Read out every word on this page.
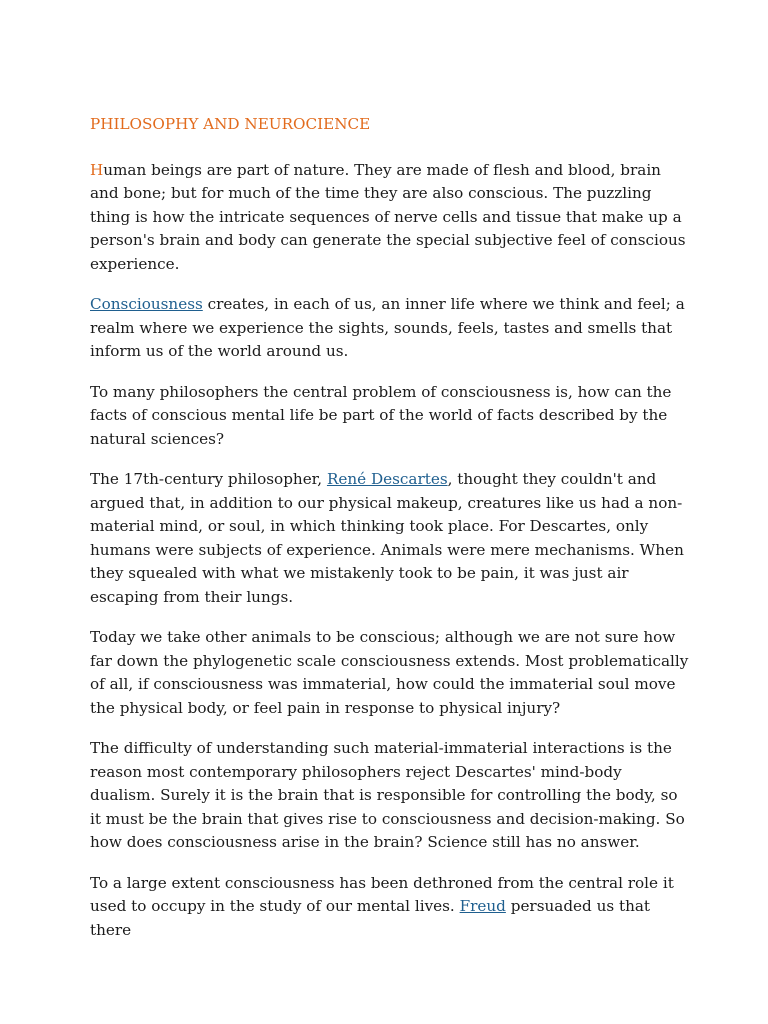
PHILOSOPHY AND NEUROCIENCE

Human beings are part of nature. They are made of flesh and blood, brain and bone; but for much of the time they are also conscious. The puzzling thing is how the intricate sequences of nerve cells and tissue that make up a person's brain and body can generate the special subjective feel of conscious experience.

Consciousness creates, in each of us, an inner life where we think and feel; a realm where we experience the sights, sounds, feels, tastes and smells that inform us of the world around us.

To many philosophers the central problem of consciousness is, how can the facts of conscious mental life be part of the world of facts described by the natural sciences?

The 17th-century philosopher, René Descartes, thought they couldn't and argued that, in addition to our physical makeup, creatures like us had a non-material mind, or soul, in which thinking took place. For Descartes, only humans were subjects of experience. Animals were mere mechanisms. When they squealed with what we mistakenly took to be pain, it was just air escaping from their lungs.

Today we take other animals to be conscious; although we are not sure how far down the phylogenetic scale consciousness extends. Most problematically of all, if consciousness was immaterial, how could the immaterial soul move the physical body, or feel pain in response to physical injury?

The difficulty of understanding such material-immaterial interactions is the reason most contemporary philosophers reject Descartes' mind-body dualism. Surely it is the brain that is responsible for controlling the body, so it must be the brain that gives rise to consciousness and decision-making. So how does consciousness arise in the brain? Science still has no answer.

To a large extent consciousness has been dethroned from the central role it used to occupy in the study of our mental lives. Freud persuaded us that there
